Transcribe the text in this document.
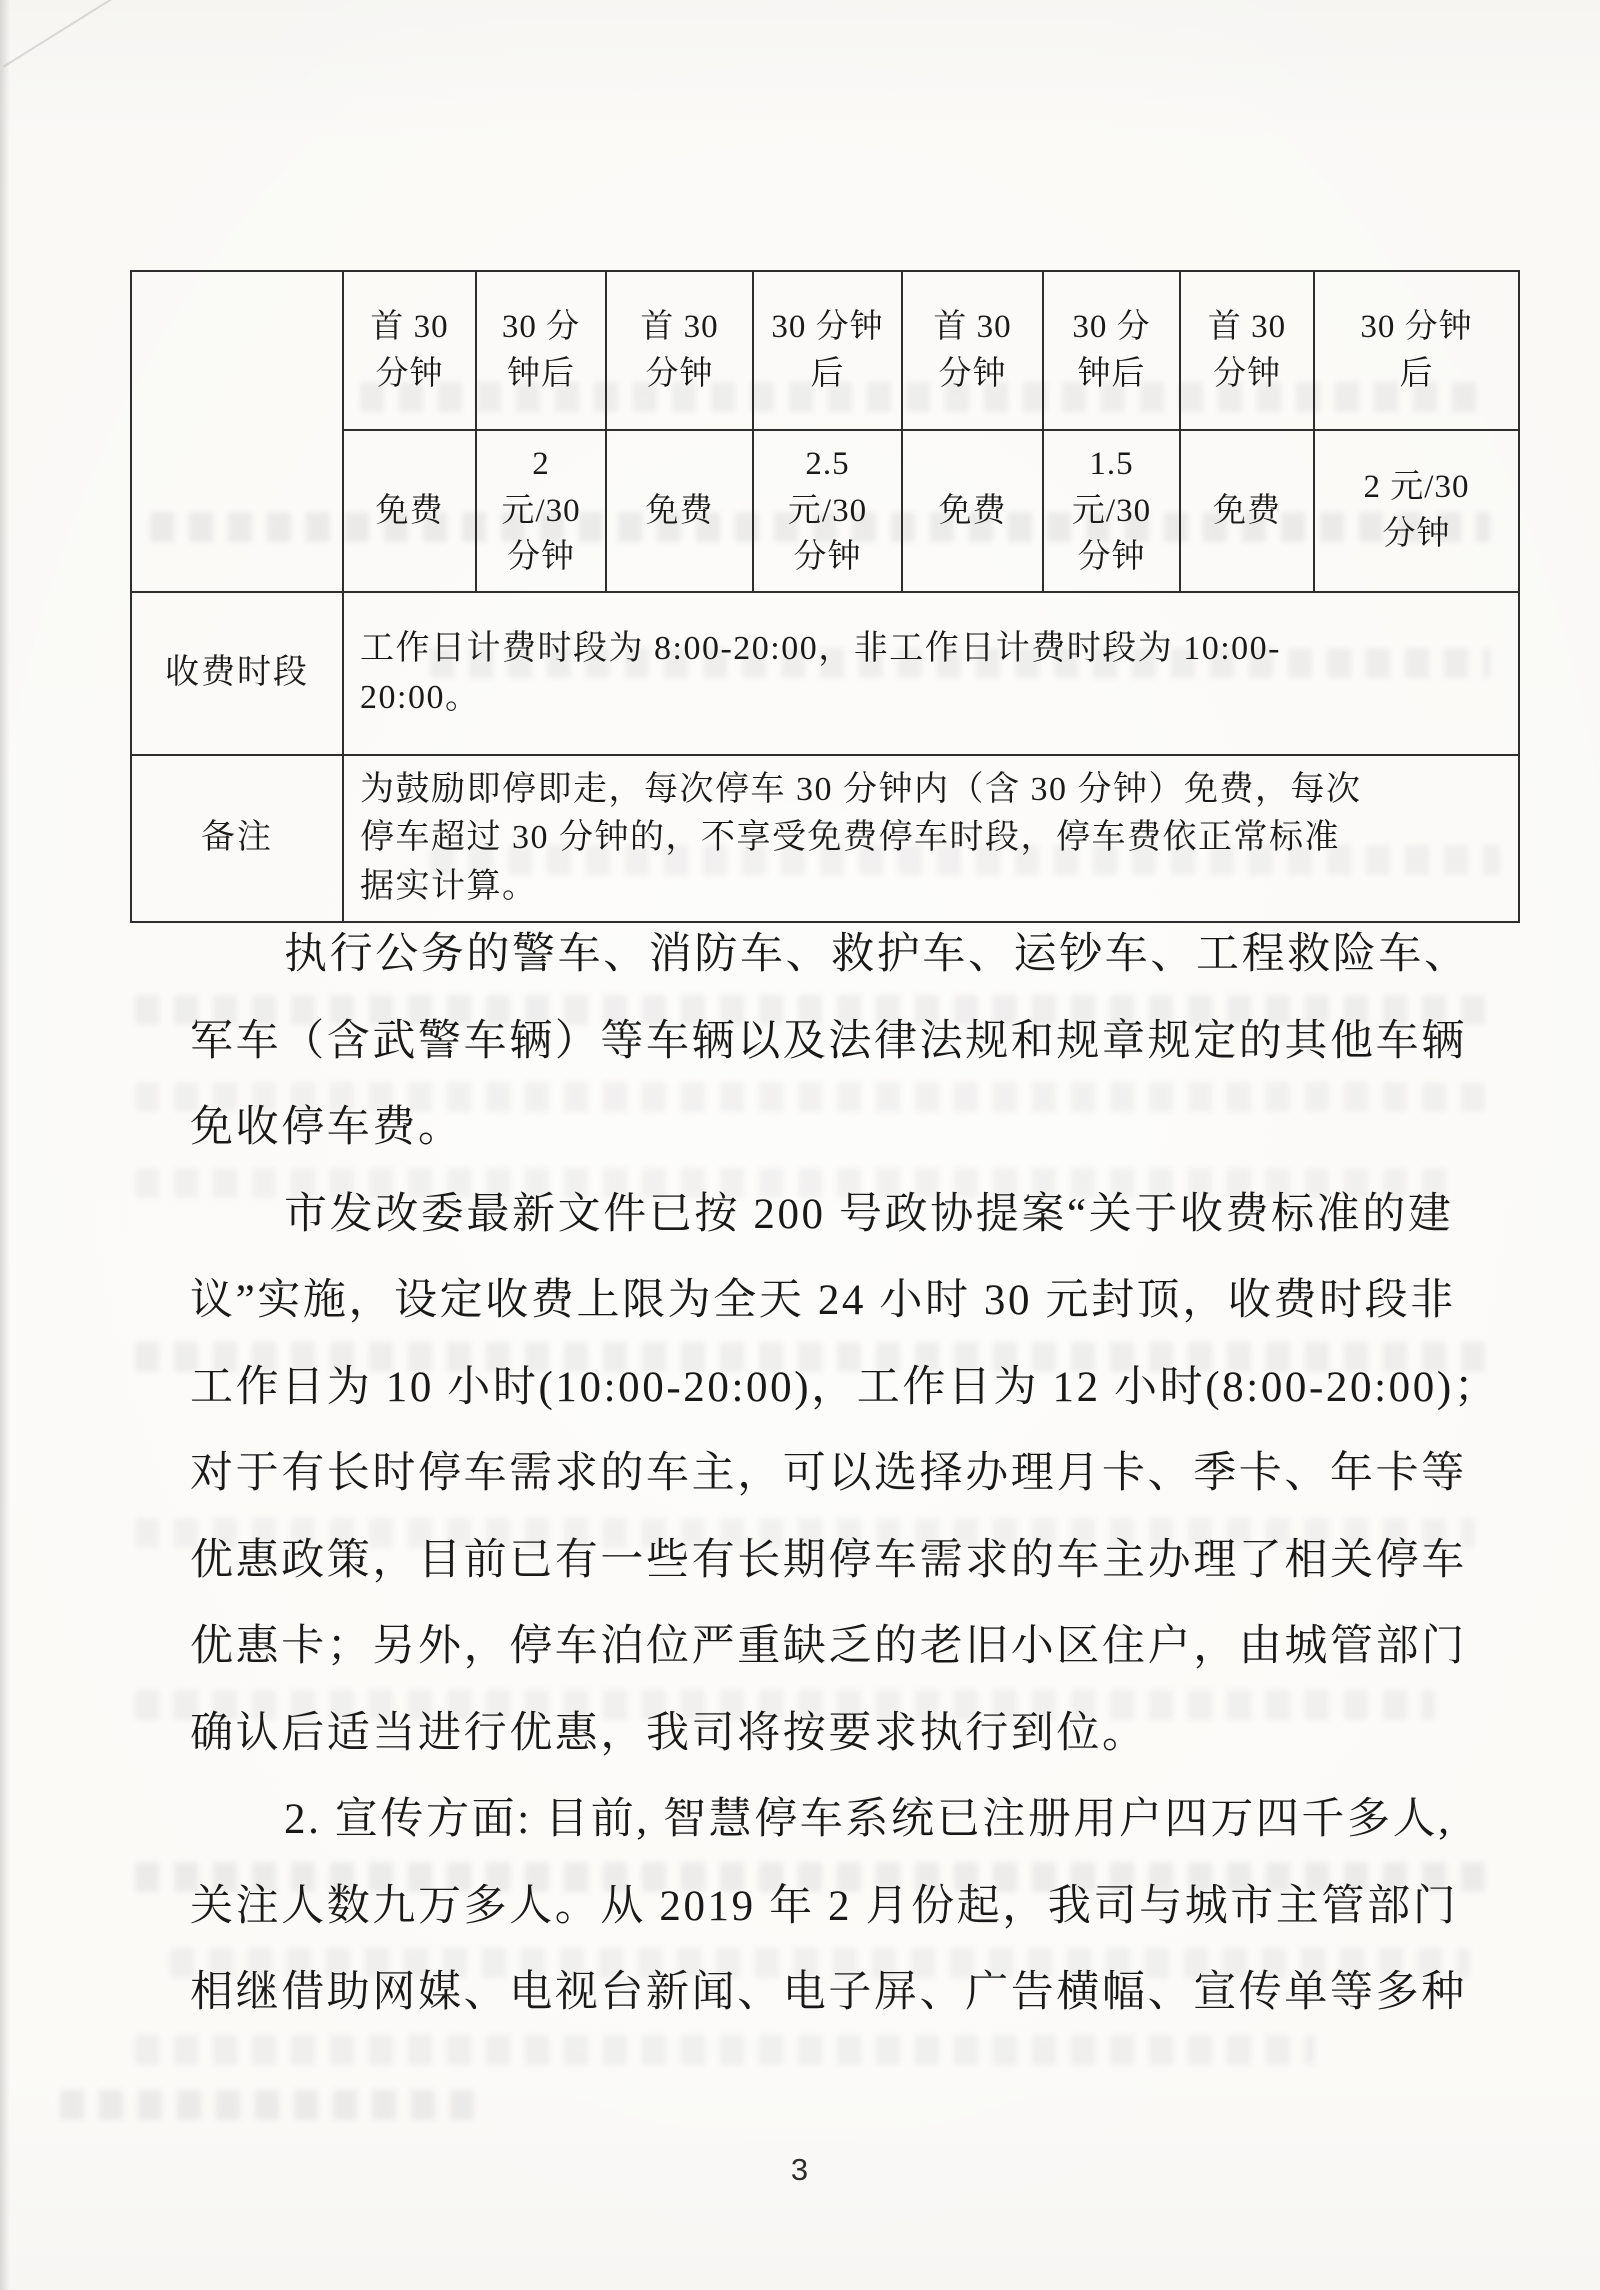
	首 30 分钟	30 分钟后	首 30 分钟	30 分钟后	首 30 分钟	30 分钟后	首 30 分钟	30 分钟后
	免费	2 元/30 分钟	免费	2.5 元/30 分钟	免费	1.5 元/30 分钟	免费	2 元/30 分钟
收费时段	工作日计费时段为 8:00-20:00，非工作日计费时段为 10:00-20:00。							

备注	为鼓励即停即走，每次停车 30 分钟内（含 30 分钟）免费，每次停车超过 30 分钟的，不享受免费停车时段，停车费依正常标准据实计算。							
执行公务的警车、消防车、救护车、运钞车、工程救险车、
军车（含武警车辆）等车辆以及法律法规和规章规定的其他车辆
免收停车费。
市发改委最新文件已按 200 号政协提案“关于收费标准的建
议”实施，设定收费上限为全天 24 小时 30 元封顶，收费时段非
工作日为 10 小时(10:00-20:00)，工作日为 12 小时(8:00-20:00)；
对于有长时停车需求的车主，可以选择办理月卡、季卡、年卡等
优惠政策，目前已有一些有长期停车需求的车主办理了相关停车
优惠卡；另外，停车泊位严重缺乏的老旧小区住户，由城管部门
确认后适当进行优惠，我司将按要求执行到位。
2. 宣传方面: 目前, 智慧停车系统已注册用户四万四千多人,
关注人数九万多人。从 2019 年 2 月份起，我司与城市主管部门
相继借助网媒、电视台新闻、电子屏、广告横幅、宣传单等多种
3
